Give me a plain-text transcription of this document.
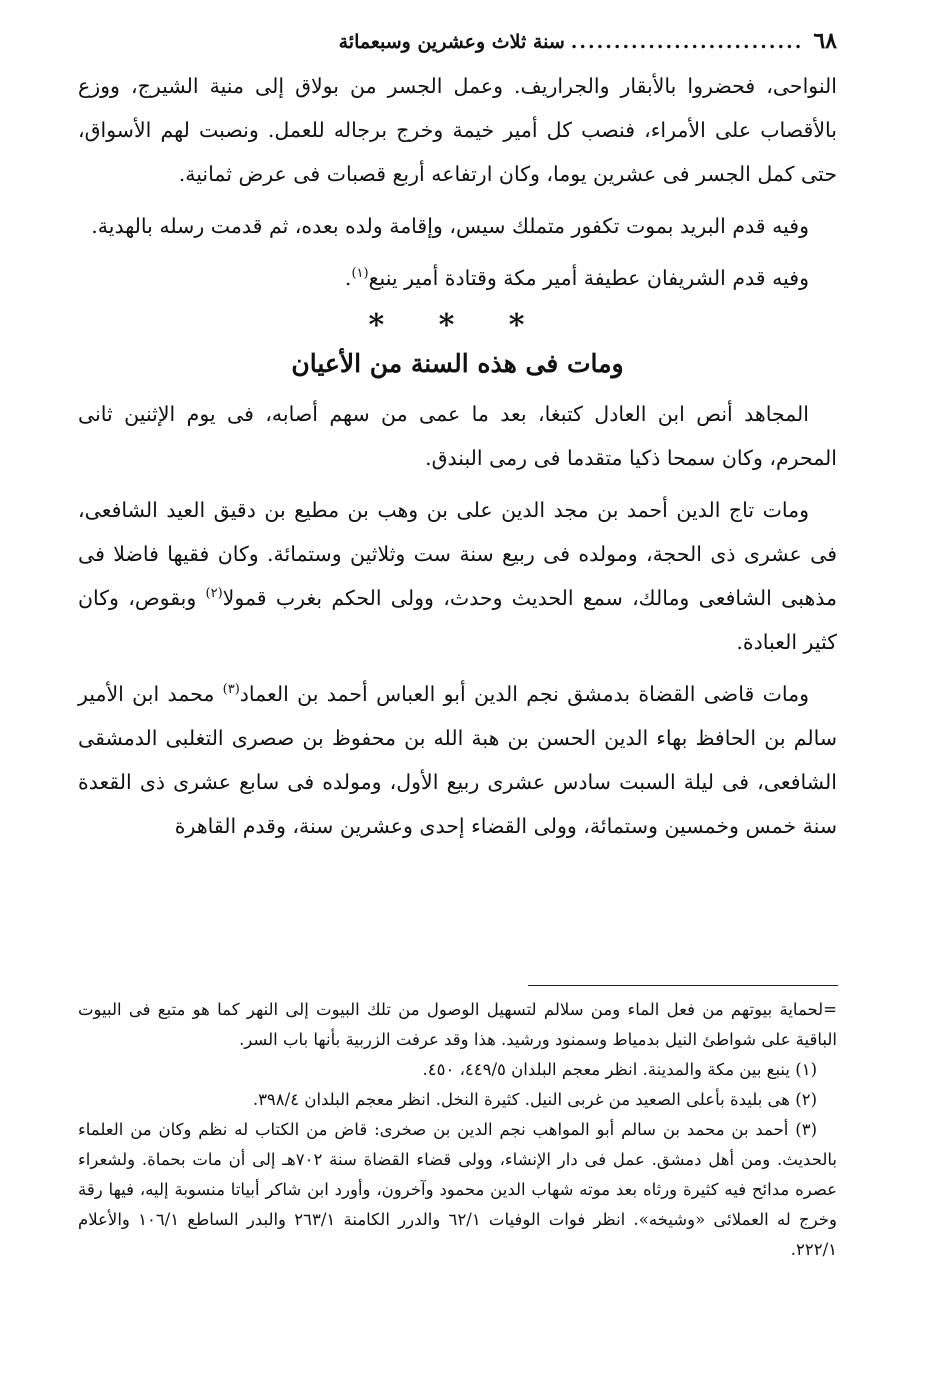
٦٨
...........................
سنة ثلاث وعشرين وسبعمائة

النواحى، فحضروا بالأبقار والجراريف. وعمل الجسر من بولاق إلى منية الشيرج، ووزع بالأقصاب على الأمراء، فنصب كل أمير خيمة وخرج برجاله للعمل. ونصبت لهم الأسواق، حتى كمل الجسر فى عشرين يوما، وكان ارتفاعه أربع قصبات فى عرض ثمانية.

وفيه قدم البريد بموت تكفور متملك سيس، وإقامة ولده بعده، ثم قدمت رسله بالهدية.

وفيه قدم الشريفان عطيفة أمير مكة وقتادة أمير ينبع$^{(١)}$.

* * *
ومات فى هذه السنة من الأعيان

المجاهد أنص ابن العادل كتبغا، بعد ما عمى من سهم أصابه، فى يوم الإثنين ثانى المحرم، وكان سمحا ذكيا متقدما فى رمى البندق.

ومات تاج الدين أحمد بن مجد الدين على بن وهب بن مطيع بن دقيق العيد الشافعى، فى عشرى ذى الحجة، ومولده فى ربيع سنة ست وثلاثين وستمائة. وكان فقيها فاضلا فى مذهبى الشافعى ومالك، سمع الحديث وحدث، وولى الحكم بغرب قمولا$^{(٢)}$ وبقوص، وكان كثير العبادة.

ومات قاضى القضاة بدمشق نجم الدين أبو العباس أحمد بن العماد$^{(٣)}$ محمد ابن الأمير سالم بن الحافظ بهاء الدين الحسن بن هبة الله بن محفوظ بن صصرى التغلبى الدمشقى الشافعى، فى ليلة السبت سادس عشرى ربيع الأول، ومولده فى سابع عشرى ذى القعدة سنة خمس وخمسين وستمائة، وولى القضاء إحدى وعشرين سنة، وقدم القاهرة

=لحماية بيوتهم من فعل الماء ومن سلالم لتسهيل الوصول من تلك البيوت إلى النهر كما هو متبع فى البيوت الباقية على شواطئ النيل بدمياط وسمنود ورشيد. هذا وقد عرفت الزربية بأنها باب السر.

(١) ينبع بين مكة والمدينة. انظر معجم البلدان ٤٤٩/٥، ٤٥٠.

(٢) هى بليدة بأعلى الصعيد من غربى النيل. كثيرة النخل. انظر معجم البلدان ٣٩٨/٤.

(٣) أحمد بن محمد بن سالم أبو المواهب نجم الدين بن صخرى: قاض من الكتاب له نظم وكان من العلماء بالحديث. ومن أهل دمشق. عمل فى دار الإنشاء، وولى قضاء القضاة سنة ٧٠٢هـ إلى أن مات بحماة. ولشعراء عصره مدائح فيه كثيرة ورثاه بعد موته شهاب الدين محمود وآخرون، وأورد ابن شاكر أبياتا منسوبة إليه، فيها رقة وخرج له العملائى «وشيخه». انظر فوات الوفيات ٦٢/١ والدرر الكامنة ٢٦٣/١ والبدر الساطع ١٠٦/١ والأعلام ٢٢٢/١.
